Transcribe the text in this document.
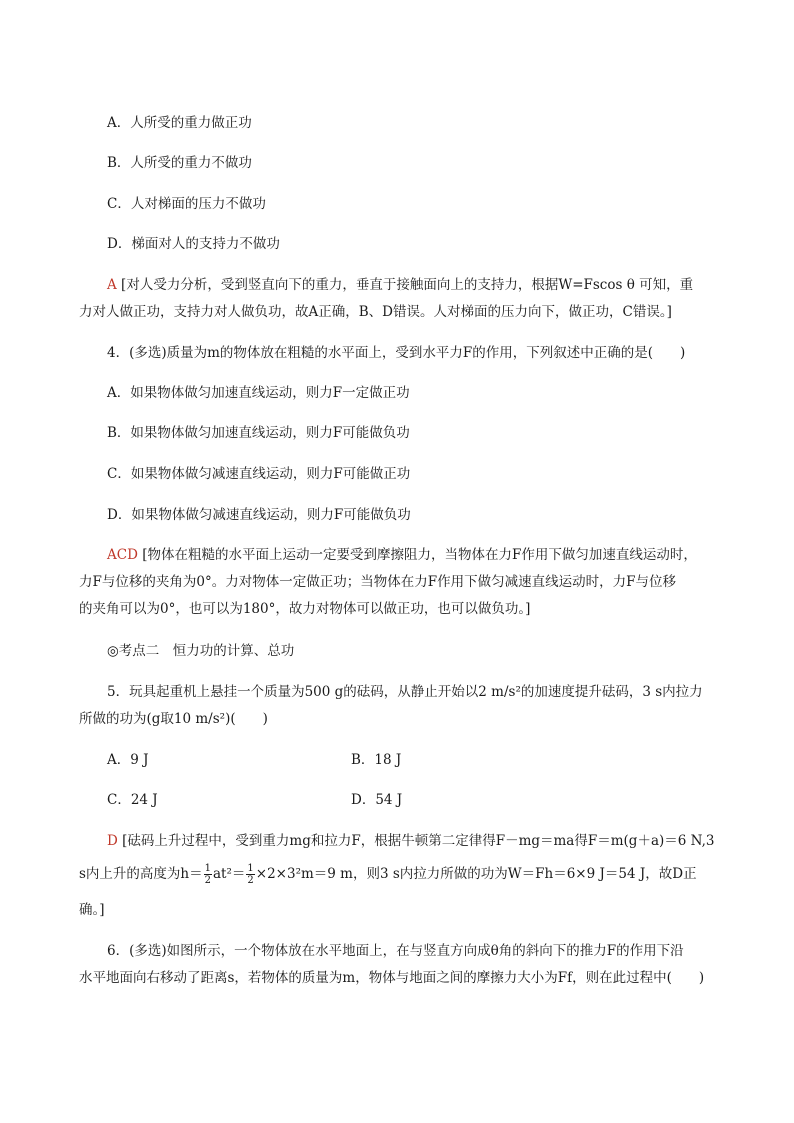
A．人所受的重力做正功
B．人所受的重力不做功
C．人对梯面的压力不做功
D．梯面对人的支持力不做功
A [对人受力分析，受到竖直向下的重力，垂直于接触面向上的支持力，根据W=Fscos θ 可知，重
力对人做正功，支持力对人做负功，故A正确，B、D错误。人对梯面的压力向下，做正功，C错误。]
4．(多选)质量为m的物体放在粗糙的水平面上，受到水平力F的作用，下列叙述中正确的是(　　)
A．如果物体做匀加速直线运动，则力F一定做正功
B．如果物体做匀加速直线运动，则力F可能做负功
C．如果物体做匀减速直线运动，则力F可能做正功
D．如果物体做匀减速直线运动，则力F可能做负功
ACD [物体在粗糙的水平面上运动一定要受到摩擦阻力，当物体在力F作用下做匀加速直线运动时，
力F与位移的夹角为0°。力对物体一定做正功；当物体在力F作用下做匀减速直线运动时，力F与位移
的夹角可以为0°，也可以为180°，故力对物体可以做正功，也可以做负功。]
◎考点二　恒力功的计算、总功
5．玩具起重机上悬挂一个质量为500 g的砝码，从静止开始以2 m/s²的加速度提升砝码，3 s内拉力
所做的功为(g取10 m/s²)(　　)
A．9 J	B．18 J
C．24 J	D．54 J
D [砝码上升过程中，受到重力mg和拉力F，根据牛顿第二定律得F－mg＝ma得F＝m(g＋a)＝6 N,3
s内上升的高度为$h= \frac{1}{2} at^2= \frac{1}{2} \times 2\times 3^2m=9$ m，则3 s内拉力所做的功为W＝Fh＝6×9 J＝54 J，故D正
确。]
6．(多选)如图所示，一个物体放在水平地面上，在与竖直方向成θ角的斜向下的推力F的作用下沿
水平地面向右移动了距离s，若物体的质量为m，物体与地面之间的摩擦力大小为Ff，则在此过程中(　　)
